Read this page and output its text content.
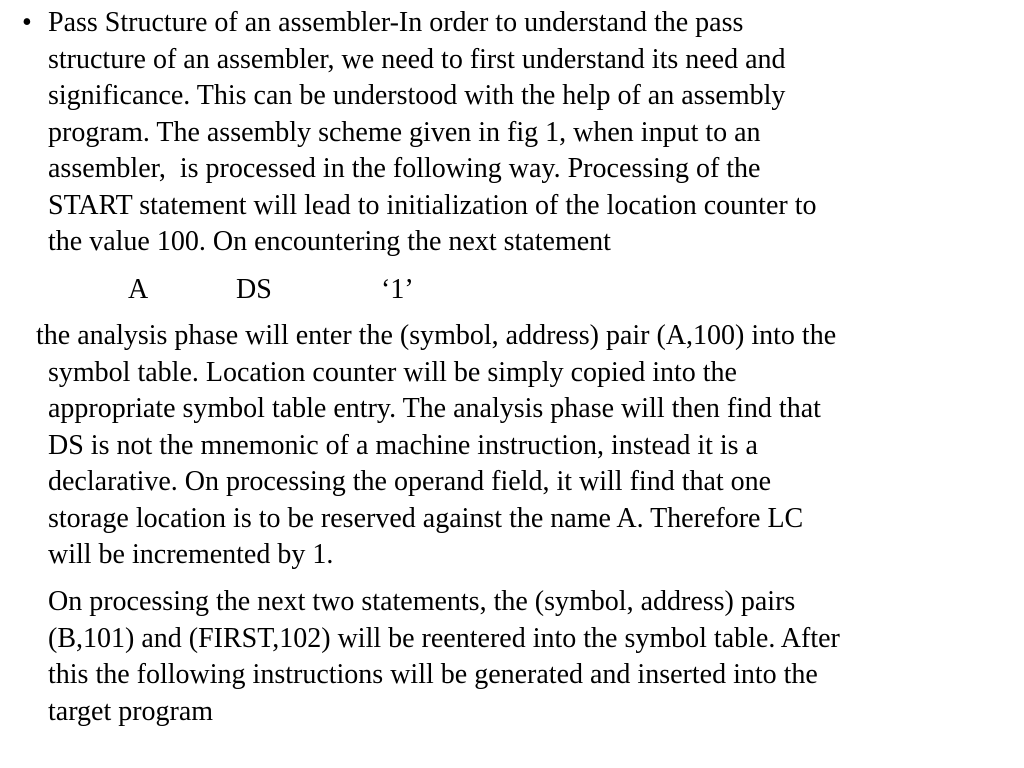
• Pass Structure of an assembler-In order to understand the pass
structure of an assembler, we need to first understand its need and
significance. This can be understood with the help of an assembly
program. The assembly scheme given in fig 1, when input to an
assembler,  is processed in the following way. Processing of the
START statement will lead to initialization of the location counter to
the value 100. On encountering the next statement

A	DS	‘1’

the analysis phase will enter the (symbol, address) pair (A,100) into the
symbol table. Location counter will be simply copied into the
appropriate symbol table entry. The analysis phase will then find that
DS is not the mnemonic of a machine instruction, instead it is a
declarative. On processing the operand field, it will find that one
storage location is to be reserved against the name A. Therefore LC
will be incremented by 1.

On processing the next two statements, the (symbol, address) pairs
(B,101) and (FIRST,102) will be reentered into the symbol table. After
this the following instructions will be generated and inserted into the
target program
